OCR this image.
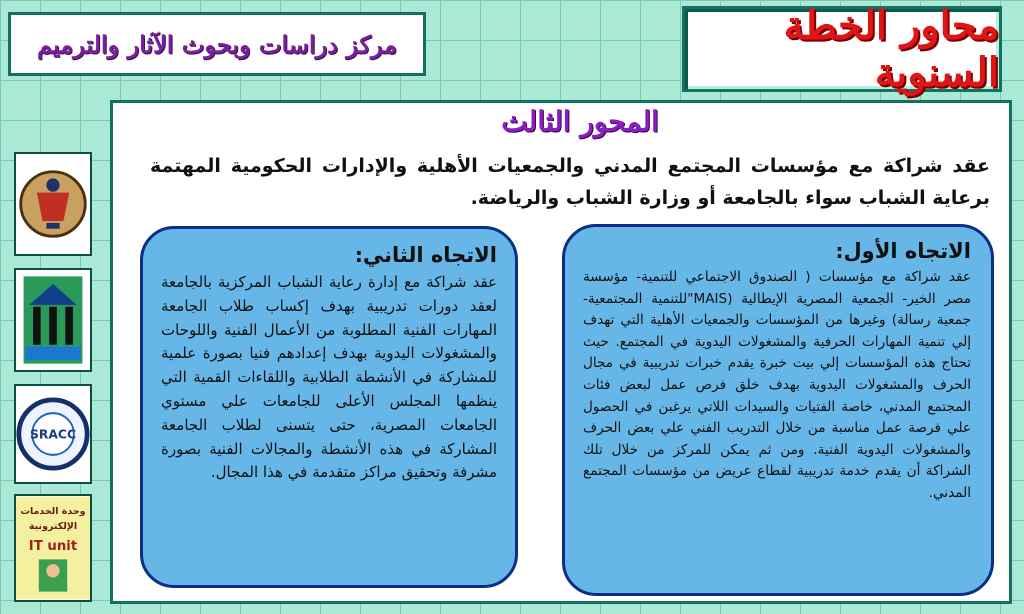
محاور الخطة السنوية
مركز دراسات وبحوث الآثار والترميم
SRACC
وحدة الخدمات
الإلكترونية
IT unit
المحور الثالث
عقد شراكة مع مؤسسات المجتمع المدني والجمعيات الأهلية والإدارات الحكومية المهتمة برعاية الشباب سواء بالجامعة أو وزارة الشباب والرياضة.
الاتجاه الأول:
عقد شراكة مع مؤسسات ( الصندوق الاجتماعي للتنمية- مؤسسة مصر الخير- الجمعية المصرية الإيطالية (MAIS"للتنمية المجتمعية- جمعية رسالة) وغيرها من المؤسسات والجمعيات الأهلية التي تهدف إلي تنمية المهارات الحرفية والمشغولات اليدوية في المجتمع. حيث تحتاج هذه المؤسسات إلي بيت خبرة يقدم خبرات تدريبية في مجال الحرف والمشغولات اليدوية بهدف خلق فرص عمل لبعض فئات المجتمع المدني، خاصة الفتيات والسيدات اللاتي يرغبن في الحصول علي فرصة عمل مناسبة من خلال التدريب الفني علي بعض الحرف والمشغولات اليدوية الفنية. ومن ثم يمكن للمركز من خلال تلك الشراكة أن يقدم خدمة تدريبية لقطاع عريض من مؤسسات المجتمع المدني.
الاتجاه الثاني:
عقد شراكة مع إدارة رعاية الشباب المركزية بالجامعة لعقد دورات تدريبية بهدف إكساب طلاب الجامعة المهارات الفنية المطلوبة من الأعمال الفنية واللوحات والمشغولات اليدوية بهدف إعدادهم فنيا بصورة علمية للمشاركة في الأنشطة الطلابية واللقاءات القمية التي ينظمها المجلس الأعلى للجامعات علي مستوي الجامعات المصرية، حتى يتسنى لطلاب الجامعة المشاركة في هذه الأنشطة والمجالات الفنية بصورة مشرفة وتحقيق مراكز متقدمة في هذا المجال.
